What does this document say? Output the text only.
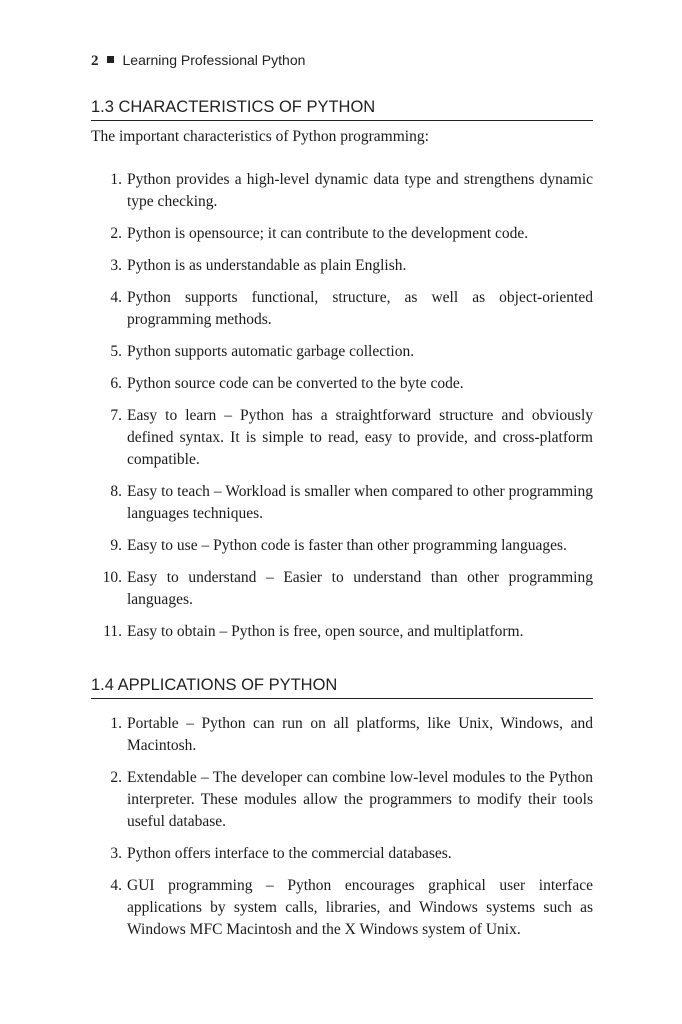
2 Learning Professional Python
1.3 CHARACTERISTICS OF PYTHON
The important characteristics of Python programming:
1. Python provides a high-level dynamic data type and strengthens dynamic type checking.
2. Python is opensource; it can contribute to the development code.
3. Python is as understandable as plain English.
4. Python supports functional, structure, as well as object-oriented programming methods.
5. Python supports automatic garbage collection.
6. Python source code can be converted to the byte code.
7. Easy to learn – Python has a straightforward structure and obviously defined syntax. It is simple to read, easy to provide, and cross-platform compatible.
8. Easy to teach – Workload is smaller when compared to other programming languages techniques.
9. Easy to use – Python code is faster than other programming languages.
10. Easy to understand – Easier to understand than other programming languages.
11. Easy to obtain – Python is free, open source, and multiplatform.
1.4 APPLICATIONS OF PYTHON
1. Portable – Python can run on all platforms, like Unix, Windows, and Macintosh.
2. Extendable – The developer can combine low-level modules to the Python interpreter. These modules allow the programmers to modify their tools useful database.
3. Python offers interface to the commercial databases.
4. GUI programming – Python encourages graphical user interface applications by system calls, libraries, and Windows systems such as Windows MFC Macintosh and the X Windows system of Unix.
